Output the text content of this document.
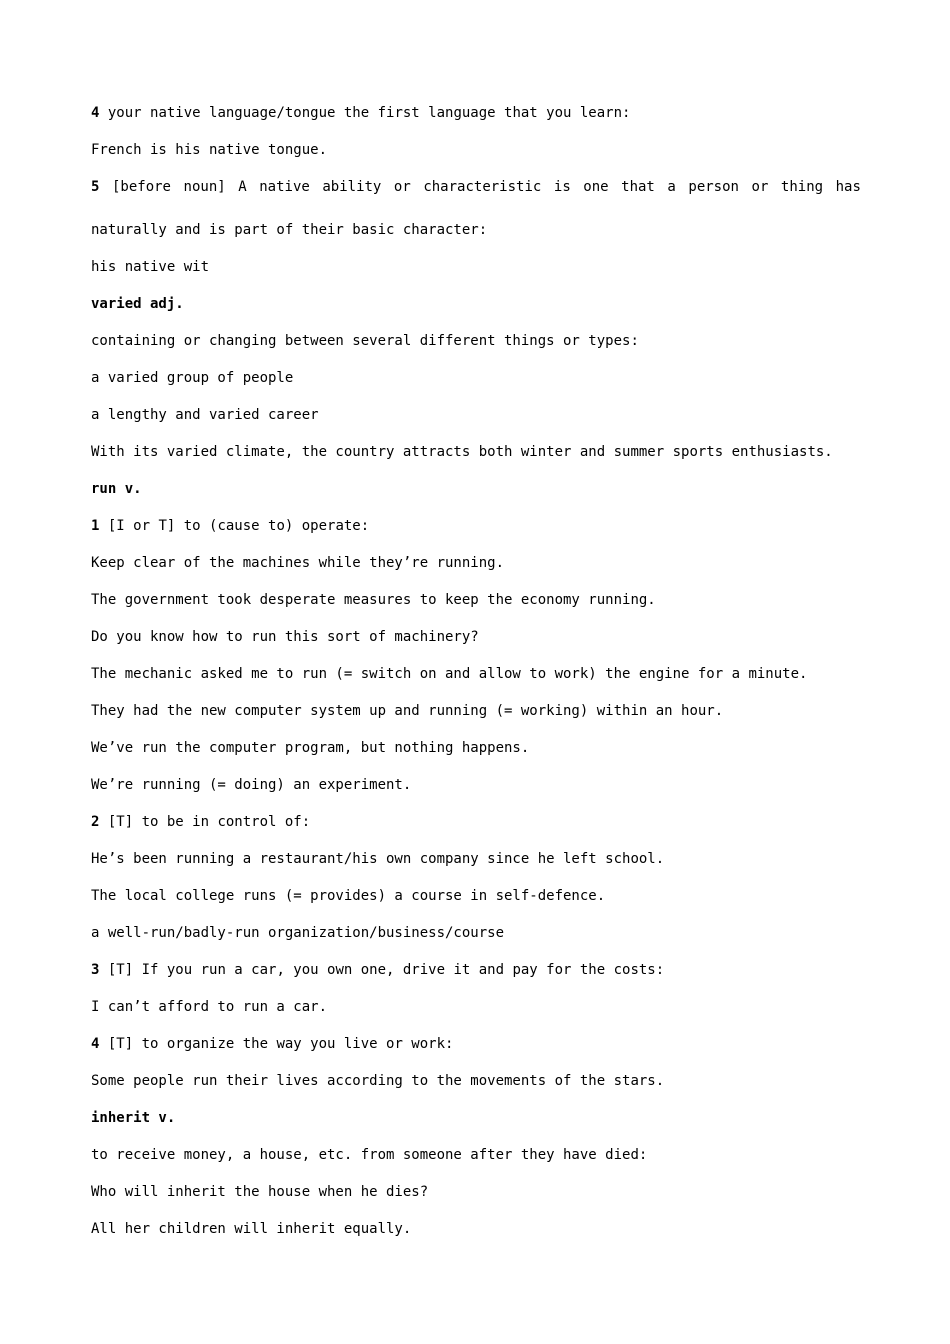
4 your native language/tongue the first language that you learn:
French is his native tongue.
5 [before noun] A native ability or characteristic is one that a person or thing has
naturally and is part of their basic character:
his native wit
varied adj.
containing or changing between several different things or types:
a varied group of people
a lengthy and varied career
With its varied climate, the country attracts both winter and summer sports enthusiasts.
run v.
1 [I or T] to (cause to) operate:
Keep clear of the machines while they’re running.
The government took desperate measures to keep the economy running.
Do you know how to run this sort of machinery?
The mechanic asked me to run (= switch on and allow to work) the engine for a minute.
They had the new computer system up and running (= working) within an hour.
We’ve run the computer program, but nothing happens.
We’re running (= doing) an experiment.
2 [T] to be in control of:
He’s been running a restaurant/his own company since he left school.
The local college runs (= provides) a course in self-defence.
a well-run/badly-run organization/business/course
3 [T] If you run a car, you own one, drive it and pay for the costs:
I can’t afford to run a car.
4 [T] to organize the way you live or work:
Some people run their lives according to the movements of the stars.
inherit v.
to receive money, a house, etc. from someone after they have died:
Who will inherit the house when he dies?
All her children will inherit equally.
